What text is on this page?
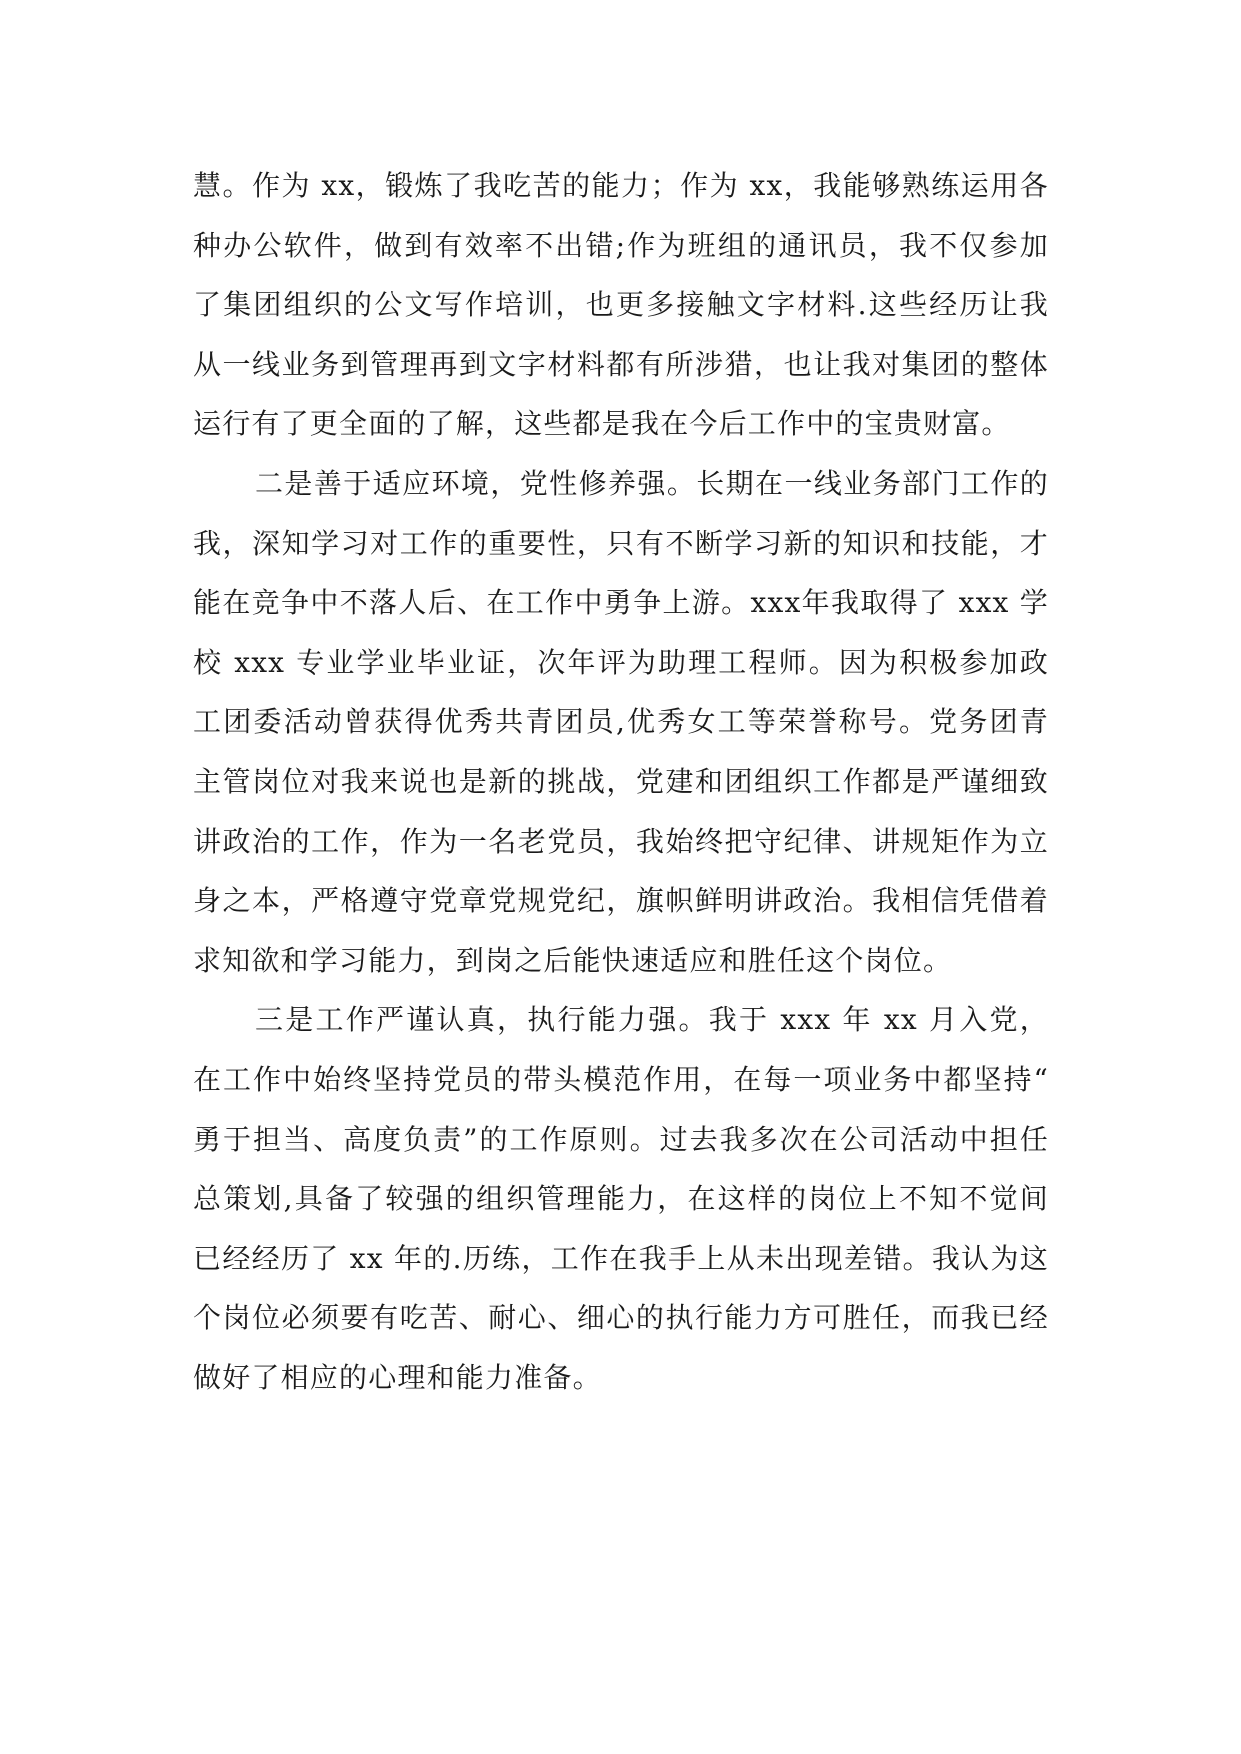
慧。作为 xx，锻炼了我吃苦的能力；作为 xx，我能够熟练运用各种办公软件，做到有效率不出错;作为班组的通讯员，我不仅参加了集团组织的公文写作培训，也更多接触文字材料.这些经历让我从一线业务到管理再到文字材料都有所涉猎，也让我对集团的整体运行有了更全面的了解，这些都是我在今后工作中的宝贵财富。

二是善于适应环境，党性修养强。长期在一线业务部门工作的我，深知学习对工作的重要性，只有不断学习新的知识和技能，才能在竞争中不落人后、在工作中勇争上游。xxx年我取得了 xxx 学校 xxx 专业学业毕业证，次年评为助理工程师。因为积极参加政工团委活动曾获得优秀共青团员,优秀女工等荣誉称号。党务团青主管岗位对我来说也是新的挑战，党建和团组织工作都是严谨细致讲政治的工作，作为一名老党员，我始终把守纪律、讲规矩作为立身之本，严格遵守党章党规党纪，旗帜鲜明讲政治。我相信凭借着求知欲和学习能力，到岗之后能快速适应和胜任这个岗位。

三是工作严谨认真，执行能力强。我于 xxx 年 xx 月入党，在工作中始终坚持党员的带头模范作用，在每一项业务中都坚持“勇于担当、高度负责”的工作原则。过去我多次在公司活动中担任总策划,具备了较强的组织管理能力，在这样的岗位上不知不觉间已经经历了 xx 年的.历练，工作在我手上从未出现差错。我认为这个岗位必须要有吃苦、耐心、细心的执行能力方可胜任，而我已经做好了相应的心理和能力准备。
